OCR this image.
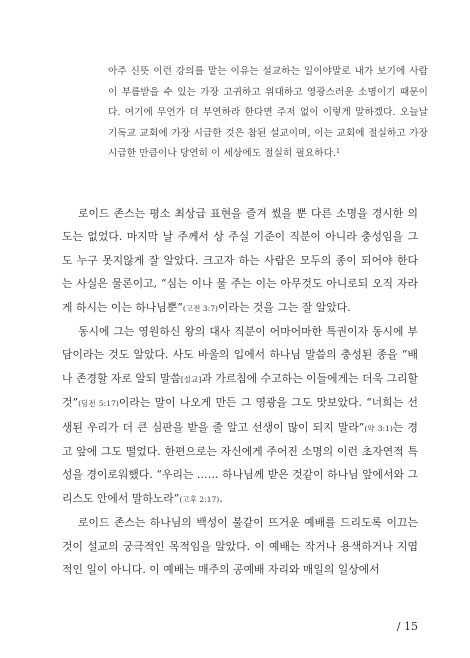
아주 신뜻 이런 강의를 맡는 이유는 설교하는 일이야말로 내가 보기에 사람이 부름받을 수 있는 가장 고귀하고 위대하고 영광스러운 소명이기 때문이다. 여기에 무언가 더 부연하라 한다면 주저 없이 이렇게 말하겠다. 오늘날 기독교 교회에 가장 시급한 것은 참된 설교이며, 이는 교회에 절실하고 가장 시급한 만큼이나 당연히 이 세상에도 절실히 필요하다.$^1$

로이드 존스는 평소 최상급 표현을 즐겨 썼을 뿐 다른 소명을 경시한 의도는 없었다. 마지막 날 주께서 상 주실 기준이 직분이 아니라 충성임을 그도 누구 못지않게 잘 알았다. 크고자 하는 사람은 모두의 종이 되어야 한다는 사실은 물론이고, “심는 이나 물 주는 이는 아무것도 아니로되 오직 자라게 하시는 이는 하나님뿐”(고전 3:7)이라는 것을 그는 잘 알았다.

동시에 그는 영원하신 왕의 대사 직분이 어마어마한 특권이자 동시에 부담이라는 것도 알았다. 사도 바울의 입에서 하나님 말씀의 충성된 종을 “배나 존경할 자로 알되 말씀[설교]과 가르침에 수고하는 이들에게는 더욱 그리할 것”(딤전 5:17)이라는 말이 나오게 만든 그 영광을 그도 맛보았다. “너희는 선생된 우리가 더 큰 심판을 받을 줄 알고 선생이 많이 되지 말라”(약 3:1)는 경고 앞에 그도 떨었다. 한편으로는 자신에게 주어진 소명의 이런 초자연적 특성을 경이로워했다. “우리는 …… 하나님께 받은 것같이 하나님 앞에서와 그리스도 안에서 말하노라”(고후 2:17).

로이드 존스는 하나님의 백성이 불같이 뜨거운 예배를 드리도록 이끄는 것이 설교의 궁극적인 목적임을 알았다. 이 예배는 작거나 용색하거나 지엽적인 일이 아니다. 이 예배는 매주의 공예배 자리와 매일의 일상에서

/ 15
